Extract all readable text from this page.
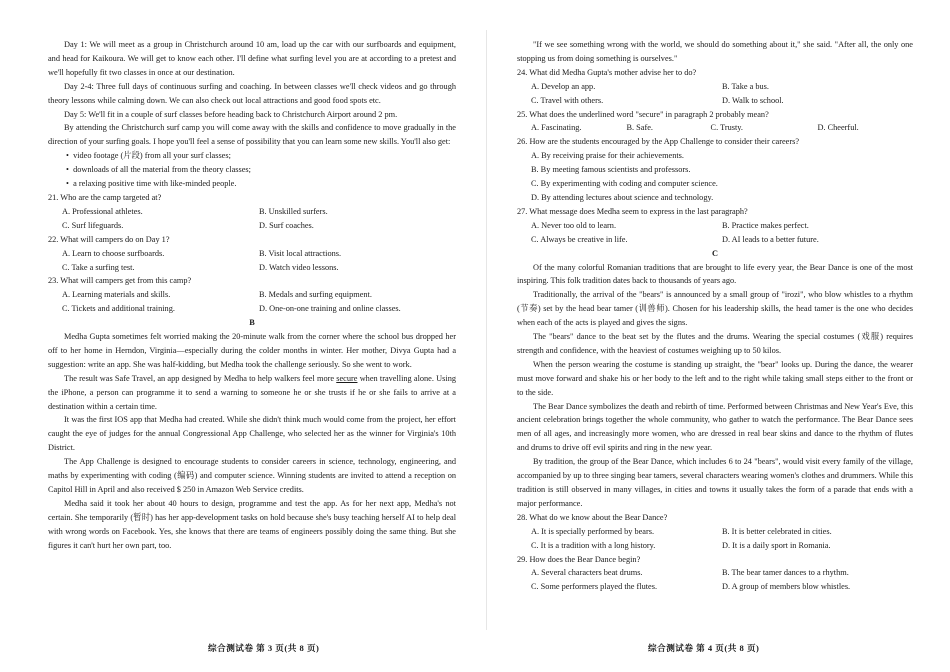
Day 1: We will meet as a group in Christchurch around 10 am, load up the car with our surfboards and equipment, and head for Kaikoura. We will get to know each other. I'll define what surfing level you are at according to a pretest and we'll hopefully fit two classes in once at our destination.
Day 2-4: Three full days of continuous surfing and coaching. In between classes we'll check videos and go through theory lessons while calming down. We can also check out local attractions and good food spots etc.
Day 5: We'll fit in a couple of surf classes before heading back to Christchurch Airport around 2 pm.
By attending the Christchurch surf camp you will come away with the skills and confidence to move gradually in the direction of your surfing goals. I hope you'll feel a sense of possibility that you can learn some new skills. You'll also get:
•  video footage (片段) from all your surf classes;
•  downloads of all the material from the theory classes;
•  a relaxing positive time with like-minded people.
21. Who are the camp targeted at?
A. Professional athletes.	B. Unskilled surfers.
C. Surf lifeguards.	D. Surf coaches.
22. What will campers do on Day 1?
A. Learn to choose surfboards.	B. Visit local attractions.
C. Take a surfing test.	D. Watch video lessons.
23. What will campers get from this camp?
A. Learning materials and skills.	B. Medals and surfing equipment.
C. Tickets and additional training.	D. One-on-one training and online classes.
B
Medha Gupta sometimes felt worried making the 20-minute walk from the corner where the school bus dropped her off to her home in Herndon, Virginia—especially during the colder months in winter. Her mother, Divya Gupta had a suggestion: write an app. She was half-kidding, but Medha took the challenge seriously. So she went to work.
The result was Safe Travel, an app designed by Medha to help walkers feel more secure when travelling alone. Using the iPhone, a person can programme it to send a warning to someone he or she trusts if he or she fails to arrive at a destination within a certain time.
It was the first IOS app that Medha had created. While she didn't think much would come from the project, her effort caught the eye of judges for the annual Congressional App Challenge, who selected her as the winner for Virginia's 10th District.
The App Challenge is designed to encourage students to consider careers in science, technology, engineering, and maths by experimenting with coding (编码) and computer science. Winning students are invited to attend a reception on Capitol Hill in April and also received $ 250 in Amazon Web Service credits.
Medha said it took her about 40 hours to design, programme and test the app. As for her next app, Medha's not certain. She temporarily (暂时) has her app-development tasks on hold because she's busy teaching herself AI to help deal with wrong words on Facebook. Yes, she knows that there are teams of engineers possibly doing the same thing. But she figures it can't hurt her own part, too.
"If we see something wrong with the world, we should do something about it," she said. "After all, the only one stopping us from doing something is ourselves."
24. What did Medha Gupta's mother advise her to do?
A. Develop an app.	B. Take a bus.
C. Travel with others.	D. Walk to school.
25. What does the underlined word "secure" in paragraph 2 probably mean?
A. Fascinating.	B. Safe.	C. Trusty.	D. Cheerful.
26. How are the students encouraged by the App Challenge to consider their careers?
A. By receiving praise for their achievements.
B. By meeting famous scientists and professors.
C. By experimenting with coding and computer science.
D. By attending lectures about science and technology.
27. What message does Medha seem to express in the last paragraph?
A. Never too old to learn.	B. Practice makes perfect.
C. Always be creative in life.	D. AI leads to a better future.
C
Of the many colorful Romanian traditions that are brought to life every year, the Bear Dance is one of the most inspiring. This folk tradition dates back to thousands of years ago.
Traditionally, the arrival of the "bears" is announced by a small group of "irozi", who blow whistles to a rhythm (节奏) set by the head bear tamer (训兽师). Chosen for his leadership skills, the head tamer is the one who decides when each of the acts is played and gives the signs.
The "bears" dance to the beat set by the flutes and the drums. Wearing the special costumes (戏服) requires strength and confidence, with the heaviest of costumes weighing up to 50 kilos.
When the person wearing the costume is standing up straight, the "bear" looks up. During the dance, the wearer must move forward and shake his or her body to the left and to the right while taking small steps either to the front or to the side.
The Bear Dance symbolizes the death and rebirth of time. Performed between Christmas and New Year's Eve, this ancient celebration brings together the whole community, who gather to watch the performance. The Bear Dance sees men of all ages, and increasingly more women, who are dressed in real bear skins and dance to the rhythm of flutes and drums to drive off evil spirits and ring in the new year.
By tradition, the group of the Bear Dance, which includes 6 to 24 "bears", would visit every family of the village, accompanied by up to three singing bear tamers, several characters wearing women's clothes and drummers. While this tradition is still observed in many villages, in cities and towns it usually takes the form of a parade that ends with a major performance.
28. What do we know about the Bear Dance?
A. It is specially performed by bears.	B. It is better celebrated in cities.
C. It is a tradition with a long history.	D. It is a daily sport in Romania.
29. How does the Bear Dance begin?
A. Several characters beat drums.	B. The bear tamer dances to a rhythm.
C. Some performers played the flutes.	D. A group of members blow whistles.
综合测试卷 第 3 页(共 8 页)	综合测试卷 第 4 页(共 8 页)
